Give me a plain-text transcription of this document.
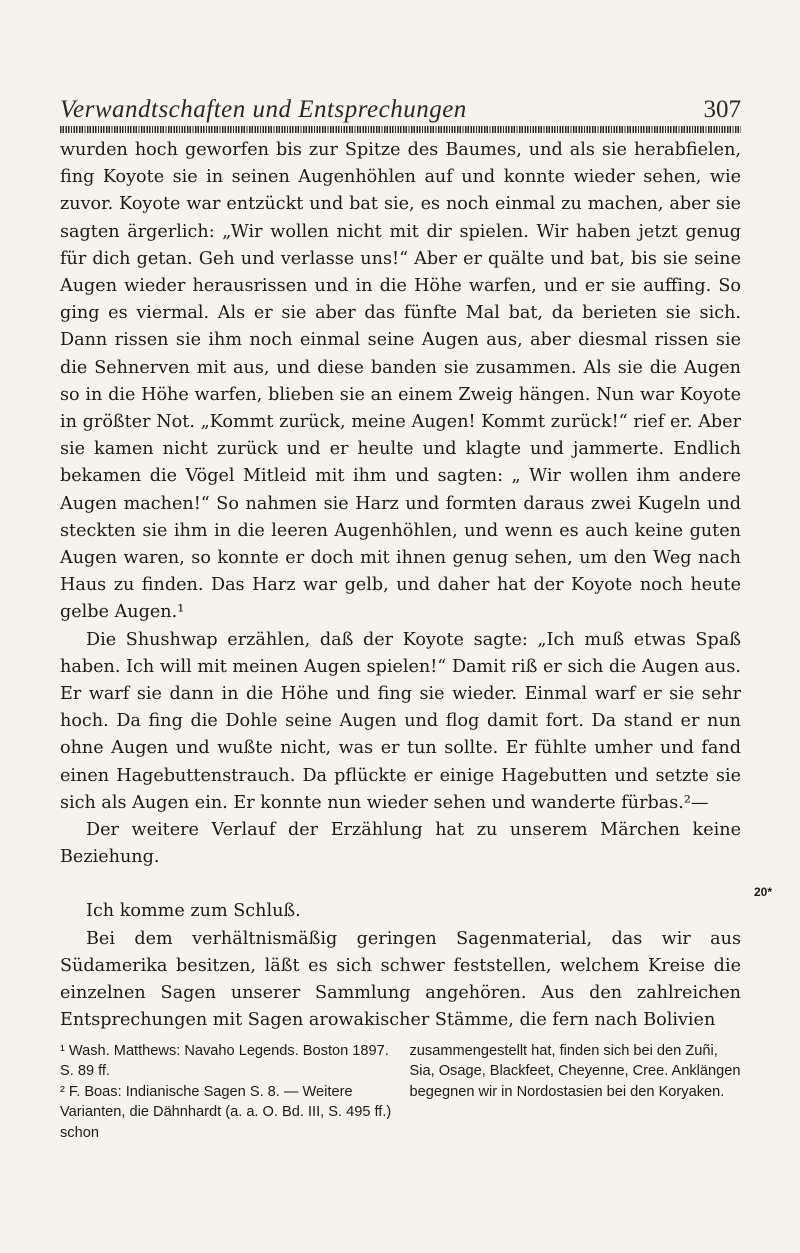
Verwandtschaften und Entsprechungen	307

wurden hoch geworfen bis zur Spitze des Baumes, und als sie herabfielen, fing Koyote sie in seinen Augenhöhlen auf und konnte wieder sehen, wie zuvor. Koyote war entzückt und bat sie, es noch einmal zu machen, aber sie sagten ärgerlich: „Wir wollen nicht mit dir spielen. Wir haben jetzt genug für dich getan. Geh und verlasse uns!“ Aber er quälte und bat, bis sie seine Augen wieder herausrissen und in die Höhe warfen, und er sie auffing. So ging es viermal. Als er sie aber das fünfte Mal bat, da berieten sie sich. Dann rissen sie ihm noch einmal seine Augen aus, aber diesmal rissen sie die Sehnerven mit aus, und diese banden sie zusammen. Als sie die Augen so in die Höhe warfen, blieben sie an einem Zweig hängen. Nun war Koyote in größter Not. „Kommt zurück, meine Augen! Kommt zurück!“ rief er. Aber sie kamen nicht zurück und er heulte und klagte und jammerte. Endlich bekamen die Vögel Mitleid mit ihm und sagten: „ Wir wollen ihm andere Augen machen!“ So nahmen sie Harz und formten daraus zwei Kugeln und steckten sie ihm in die leeren Augenhöhlen, und wenn es auch keine guten Augen waren, so konnte er doch mit ihnen genug sehen, um den Weg nach Haus zu finden. Das Harz war gelb, und daher hat der Koyote noch heute gelbe Augen.¹

Die Shushwap erzählen, daß der Koyote sagte: „Ich muß etwas Spaß haben. Ich will mit meinen Augen spielen!“ Damit riß er sich die Augen aus. Er warf sie dann in die Höhe und fing sie wieder. Einmal warf er sie sehr hoch. Da fing die Dohle seine Augen und flog damit fort. Da stand er nun ohne Augen und wußte nicht, was er tun sollte. Er fühlte umher und fand einen Hagebuttenstrauch. Da pflückte er einige Hagebutten und setzte sie sich als Augen ein. Er konnte nun wieder sehen und wanderte fürbas.²—

Der weitere Verlauf der Erzählung hat zu unserem Märchen keine Beziehung.

Ich komme zum Schluß.

Bei dem verhältnismäßig geringen Sagenmaterial, das wir aus Südamerika besitzen, läßt es sich schwer feststellen, welchem Kreise die einzelnen Sagen unserer Sammlung angehören. Aus den zahlreichen Entsprechungen mit Sagen arowakischer Stämme, die fern nach Bolivien

¹ Wash. Matthews: Navaho Legends. Boston 1897. S. 89 ff.

² F. Boas: Indianische Sagen S. 8. — Weitere Varianten, die Dähnhardt (a. a. O. Bd. III, S. 495 ff.) schon

zusammengestellt hat, finden sich bei den Zuñi, Sia, Osage, Blackfeet, Cheyenne, Cree. Anklängen begegnen wir in Nordostasien bei den Koryaken.

20*
